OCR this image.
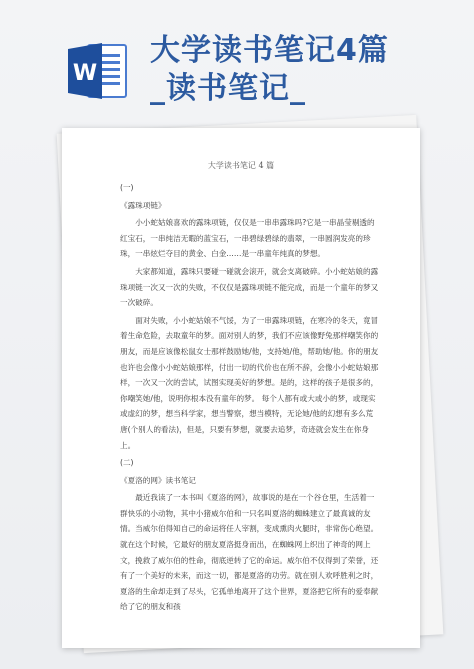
W
大学读书笔记4篇
_读书笔记_
大学读书笔记 4 篇

(一)

《露珠项链》

小小蛇姑娘喜欢的露珠项链，仅仅是一串串露珠吗?它是一串晶莹剔透的红宝石，一串纯洁无暇的蓝宝石，一串碧绿碧绿的翡翠，一串圆润发亮的珍珠，一串炫烂夺目的黄金、白金……是一串童年纯真的梦想。

大家都知道，露珠只要碰一碰就会滚开，就会支离破碎。小小蛇姑娘的露珠项链一次又一次的失败，不仅仅是露珠项链不能完成，而是一个童年的梦又一次破碎。

面对失败，小小蛇姑娘不气馁，为了一串露珠项链，在寒冷的冬天，竟冒着生命危险，去取童年的梦。面对别人的梦，我们不应该像野兔那样嘲笑你的朋友，而是应该像松鼠女士那样鼓励她/他，支持她/他，帮助她/他。你的朋友也许也会像小小蛇姑娘那样，付出一切的代价也在所不辞，会像小小蛇姑娘那样，一次又一次的尝试，试图实现美好的梦想。是的，这样的孩子是很多的，你嘲笑她/他，说明你根本没有童年的梦。 每个人都有或大或小的梦，或现实或虚幻的梦，想当科学家，想当警察，想当模特，无论她/他的幻想有多么荒唐(个别人的看法)，但是，只要有梦想，就要去追梦，奇迹就会发生在你身上。

(二)

《夏洛的网》读书笔记

最近我读了一本书叫《夏洛的网》，故事说的是在一个谷仓里，生活着一群快乐的小动物，其中小猪威尔伯和一只名叫夏洛的蜘蛛建立了最真诚的友情。当威尔伯得知自己的命运将任人宰割，变成熏肉火腿时，非常伤心绝望。就在这个时候，它最好的朋友夏洛挺身而出，在蜘蛛网上织出了神奇的网上文，挽救了威尔伯的性命，彻底逆转了它的命运。威尔伯不仅得到了荣誉，还有了一个美好的未来，而这一切，都是夏洛的功劳。就在别人欢呼胜利之时，夏洛的生命却走到了尽头，它孤单地离开了这个世界，夏洛把它所有的爱奉献给了它的朋友和孩
